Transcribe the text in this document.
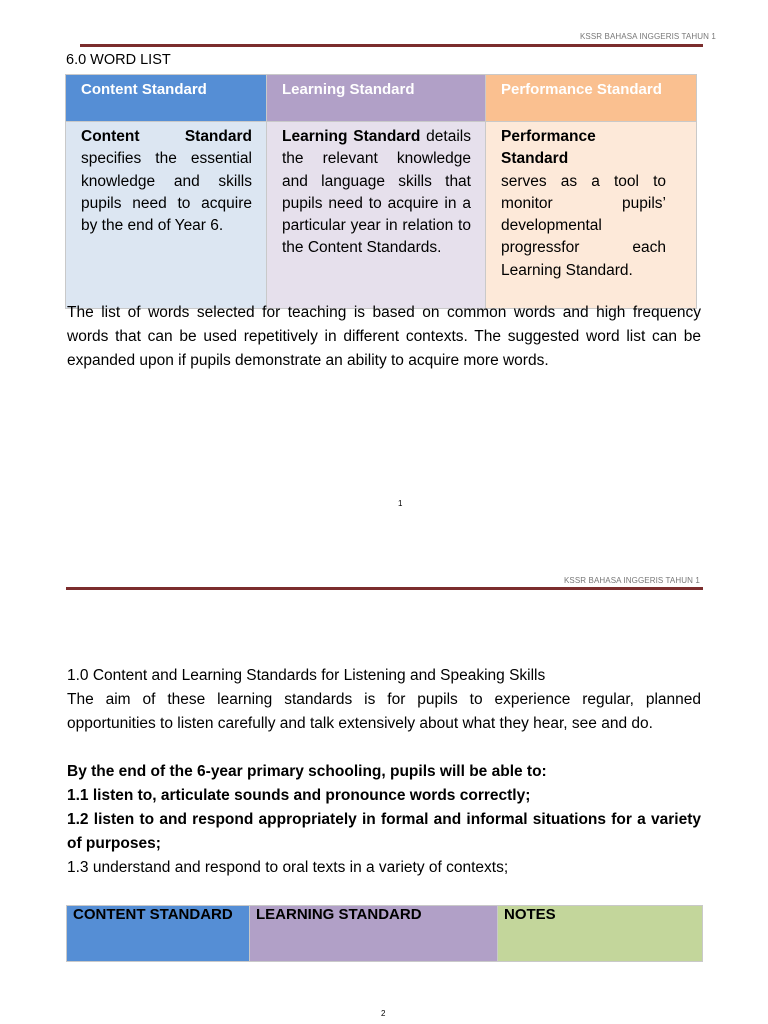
KSSR BAHASA INGGERIS TAHUN 1
6.0 WORD LIST
Content Standard	Learning Standard	Performance Standard
Content Standard specifies the essential knowledge and skills pupils need to acquire by the end of Year 6.	Learning Standard details the relevant knowledge and language skills that pupils need to acquire in a particular year in relation to the Content Standards.	Performance Standard
serves as a tool to monitor pupils’ developmental progressfor each Learning Standard.
The list of words selected for teaching is based on common words and high frequency words that can be used repetitively in different contexts. The suggested word list can be expanded upon if pupils demonstrate an ability to acquire more words.
1
KSSR BAHASA INGGERIS TAHUN 1
1.0 Content and Learning Standards for Listening and Speaking Skills
The aim of these learning standards is for pupils to experience regular, planned opportunities to listen carefully and talk extensively about what they hear, see and do.
By the end of the 6-year primary schooling, pupils will be able to:
1.1 listen to, articulate sounds and pronounce words correctly;
1.2 listen to and respond appropriately in formal and informal situations for a variety of purposes;
1.3 understand and respond to oral texts in a variety of contexts;
CONTENT STANDARD	LEARNING STANDARD	NOTES
2
